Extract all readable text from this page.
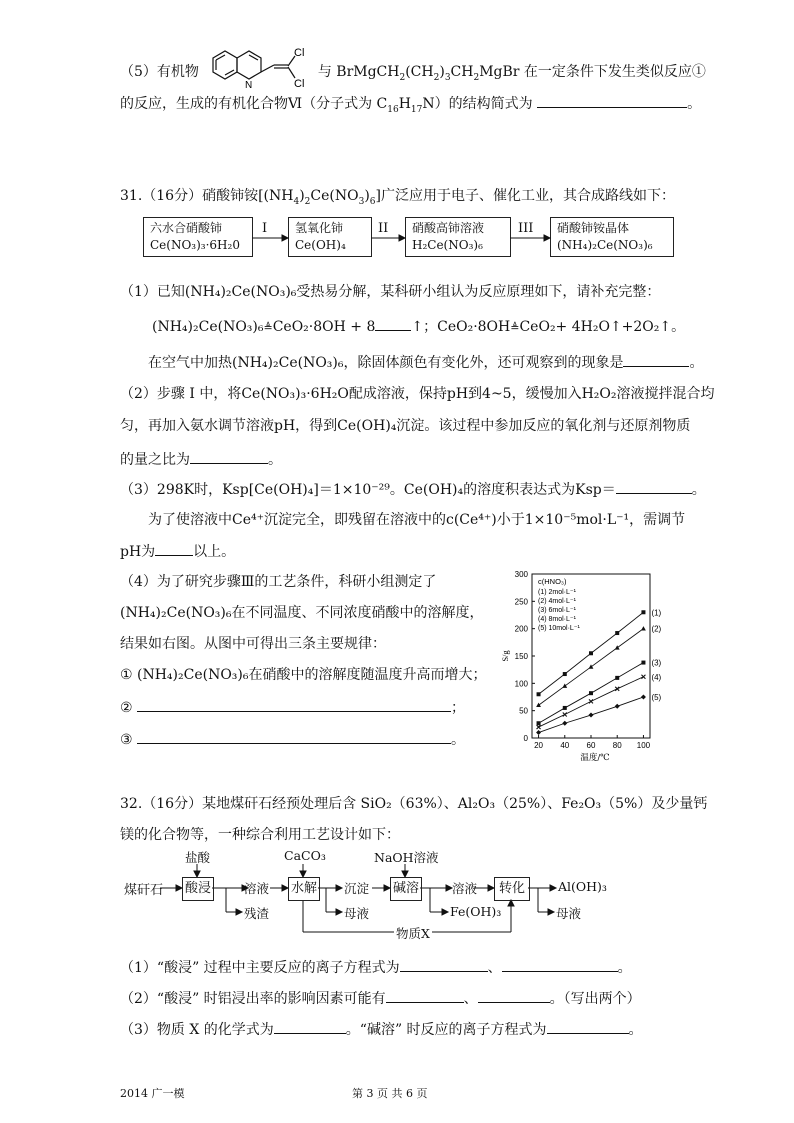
（5）有机物	与 $BrMgCH_2(CH_2)_3CH_2MgBr$ 在一定条件下发生类似反应①
N
Cl
Cl
的反应，生成的有机化合物Ⅵ（分子式为 $C_{16}H_{17}N$）的结构简式为	。
31.（16分）硝酸铈铵$[(NH_4)_2Ce(NO_3)_6]$广泛应用于电子、催化工业，其合成路线如下：
六水合硝酸铈
Ce(NO₃)₃·6H₂0
氢氧化铈
Ce(OH)₄
硝酸高铈溶液
H₂Ce(NO₃)₆
硝酸铈铵晶体
(NH₄)₂Ce(NO₃)₆
I	II	III
（1）已知(NH₄)₂Ce(NO₃)₆受热易分解，某科研小组认为反应原理如下，请补充完整：
(NH₄)₂Ce(NO₃)₆≜CeO₂·8OH + 8	↑；CeO₂·8OH≜CeO₂+ 4H₂O↑+2O₂↑。
在空气中加热(NH₄)₂Ce(NO₃)₆，除固体颜色有变化外，还可观察到的现象是	。
（2）步骤 I 中，将Ce(NO₃)₃·6H₂O配成溶液，保持pH到4~5，缓慢加入H₂O₂溶液搅拌混合均
匀，再加入氨水调节溶液pH，得到Ce(OH)₄沉淀。该过程中参加反应的氧化剂与还原剂物质
的量之比为	。
（3）298K时，Ksp[Ce(OH)₄]＝1×10⁻²⁹。Ce(OH)₄的溶度积表达式为Ksp＝	。
为了使溶液中Ce⁴⁺沉淀完全，即残留在溶液中的c(Ce⁴⁺)小于1×10⁻⁵mol·L⁻¹，需调节
pH为	以上。
（4）为了研究步骤Ⅲ的工艺条件，科研小组测定了
(NH₄)₂Ce(NO₃)₆在不同温度、不同浓度硝酸中的溶解度，
结果如右图。从图中可得出三条主要规律：
① (NH₄)₂Ce(NO₃)₆在硝酸中的溶解度随温度升高而增大；
②	；
③	。	0
50
100
150
200
250
300
20 40 60 80 100
温度/℃
S/g
c(HNO₃)
(1) 2mol·L⁻¹
(2) 4mol·L⁻¹
(3) 6mol·L⁻¹
(4) 8mol·L⁻¹
(5) 10mol·L⁻¹
(1)
(2)
(3)
(4)
(5)
32.（16分）某地煤矸石经预处理后含 SiO₂（63%）、Al₂O₃（25%）、Fe₂O₃（5%）及少量钙
镁的化合物等，一种综合利用工艺设计如下：
煤矸石 酸浸
盐酸
溶液
残渣
水解
CaCO₃
沉淀
母液
碱溶
NaOH溶液
溶液
Fe(OH)₃
转化	Al(OH)₃
母液
物质X
（1）“酸浸” 过程中主要反应的离子方程式为	、	。
（2）“酸浸” 时铝浸出率的影响因素可能有	、	。（写出两个）
（3）物质 X 的化学式为	。“碱溶” 时反应的离子方程式为	。
2014 广一模	第 3 页 共 6 页
